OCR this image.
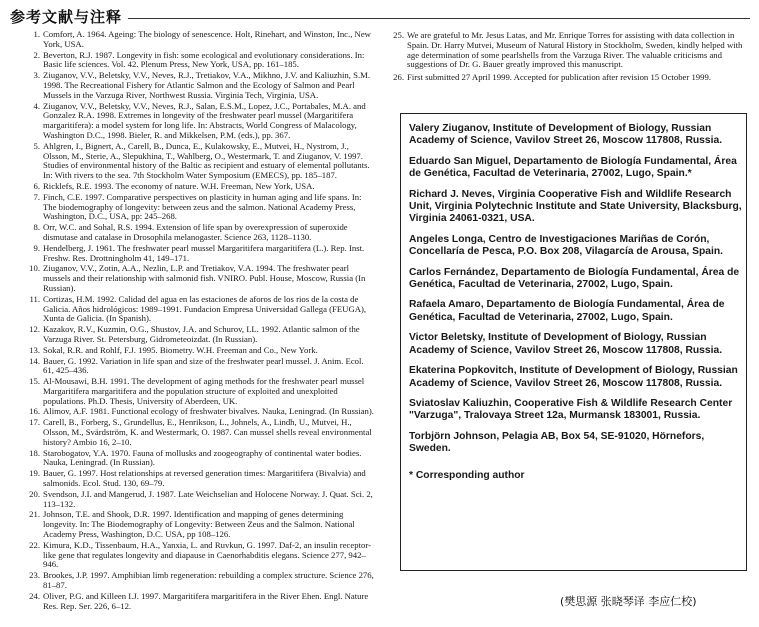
参考文献与注释
1. Comfort, A. 1964. Ageing: The biology of senescence. Holt, Rinehart, and Winston, Inc., New York, USA.
2. Beverton, R.J. 1987. Longevity in fish: some ecological and evolutionary considerations. In: Basic life sciences. Vol. 42. Plenum Press, New York, USA, pp. 161–185.
3. Ziuganov, V.V., Beletsky, V.V., Neves, R.J., Tretiakov, V.A., Mikhno, J.V. and Kaliuzhin, S.M. 1998. The Recreational Fishery for Atlantic Salmon and the Ecology of Salmon and Pearl Mussels in the Varzuga River, Northwest Russia. Virginia Tech, Virginia, USA.
4. Ziuganov, V.V., Beletsky, V.V., Neves, R.J., Salan, E.S.M., Lopez, J.C., Portabales, M.A. and Gonzalez R.A. 1998. Extremes in longevity of the freshwater pearl mussel (Margaritifera margaritifera): a model system for long life. In: Abstracts, World Congress of Malacology, Washington D.C., 1998. Bieler, R. and Mikkelsen, P.M. (eds.), pp. 367.
5. Ahlgren, I., Bignert, A., Carell, B., Dunca, E., Kulakowsky, E., Mutvei, H., Nystrom, J., Olsson, M., Sterie, A., Slepukhina, T., Wahlberg, O., Westermark, T. and Ziuganov, V. 1997. Studies of environmental history of the Baltic as recipient and estuary of elemental pollutants. In: With rivers to the sea. 7th Stockholm Water Symposium (EMECS), pp. 185–187.
6. Ricklefs, R.E. 1993. The economy of nature. W.H. Freeman, New York, USA.
7. Finch, C.E. 1997. Comparative perspectives on plasticity in human aging and life spans. In: The biodemography of longevity: between zeus and the salmon. National Academy Press, Washington, D.C., USA, pp: 245–268.
8. Orr, W.C. and Sohal, R.S. 1994. Extension of life span by overexpression of superoxide dismutase and catalase in Drosophila melanogaster. Science 263, 1128–1130.
9. Hendelberg, J. 1961. The freshwater pearl mussel Margaritifera margaritifera (L.). Rep. Inst. Freshw. Res. Drottningholm 41, 149–171.
10. Ziuganov, V.V., Zotin, A.A., Nezlin, L.P. and Tretiakov, V.A. 1994. The freshwater pearl mussels and their relationship with salmonid fish. VNIRO. Publ. House, Moscow, Russia (In Russian).
11. Cortizas, H.M. 1992. Calidad del agua en las estaciones de aforos de los rios de la costa de Galicia. Años hidrológicos: 1989–1991. Fundacion Empresa Universidad Gallega (FEUGA), Xunta de Galicia. (In Spanish).
12. Kazakov, R.V., Kuzmin, O.G., Shustov, J.A. and Schurov, I.L. 1992. Atlantic salmon of the Varzuga River. St. Petersburg, Gidrometeoizdat. (In Russian).
13. Sokal, R.R. and Rohlf, F.J. 1995. Biometry. W.H. Freeman and Co., New York.
14. Bauer, G. 1992. Variation in life span and size of the freshwater pearl mussel. J. Anim. Ecol. 61, 425–436.
15. Al-Mousawi, B.H. 1991. The development of aging methods for the freshwater pearl mussel Margaritifera margaritifera and the population structure of exploited and unexploited populations. Ph.D. Thesis, University of Aberdeen, UK.
16. Alimov, A.F. 1981. Functional ecology of freshwater bivalves. Nauka, Leningrad. (In Russian).
17. Carell, B., Forberg, S., Grundellus, E., Henrikson, L., Johnels, A., Lindh, U., Mutvei, H., Olsson, M., Svärdström, K. and Westermark, O. 1987. Can mussel shells reveal environmental history? Ambio 16, 2–10.
18. Starobogatov, Y.A. 1970. Fauna of mollusks and zoogeography of continental water bodies. Nauka, Leningrad. (In Russian).
19. Bauer, G. 1997. Host relationships at reversed generation times: Margaritifera (Bivalvia) and salmonids. Ecol. Stud. 130, 69–79.
20. Svendson, J.I. and Mangerud, J. 1987. Late Weichselian and Holocene Norway. J. Quat. Sci. 2, 113–132.
21. Johnson, T.E. and Shook, D.R. 1997. Identification and mapping of genes determining longevity. In: The Biodemography of Longevity: Between Zeus and the Salmon. National Academy Press, Washington, D.C. USA, pp 108–126.
22. Kimura, K.D., Tissenbaum, H.A., Yanxia, L. and Ruvkun, G. 1997. Daf-2, an insulin receptor-like gene that regulates longevity and diapause in Caenorhabditis elegans. Science 277, 942–946.
23. Brookes, J.P. 1997. Amphibian limb regeneration: rebuilding a complex structure. Science 276, 81–87.
24. Oliver, P.G. and Killeen I.J. 1997. Margaritifera margaritifera in the River Ehen. Engl. Nature Res. Rep. Ser. 226, 6–12.
25. We are grateful to Mr. Jesus Latas, and Mr. Enrique Torres for assisting with data collection in Spain. Dr. Harry Mutvei, Museum of Natural History in Stockholm, Sweden, kindly helped with age determination of some pearlshells from the Varzuga River. The valuable criticisms and suggestions of Dr. G. Bauer greatly improved this manuscript.
26. First submitted 27 April 1999. Accepted for publication after revision 15 October 1999.
Valery Ziuganov, Institute of Development of Biology, Russian Academy of Science, Vavilov Street 26, Moscow 117808, Russia.
Eduardo San Miguel, Departamento de Biología Fundamental, Área de Genética, Facultad de Veterinaria, 27002, Lugo, Spain.*
Richard J. Neves, Virginia Cooperative Fish and Wildlife Research Unit, Virginia Polytechnic Institute and State University, Blacksburg, Virginia 24061-0321, USA.
Angeles Longa, Centro de Investigaciones Mariñas de Corón, Concellaría de Pesca, P.O. Box 208, Vilagarcía de Arousa, Spain.
Carlos Fernández, Departamento de Biología Fundamental, Área de Genética, Facultad de Veterinaria, 27002, Lugo, Spain.
Rafaela Amaro, Departamento de Biología Fundamental, Área de Genética, Facultad de Veterinaria, 27002, Lugo, Spain.
Victor Beletsky, Institute of Development of Biology, Russian Academy of Science, Vavilov Street 26, Moscow 117808, Russia.
Ekaterina Popkovitch, Institute of Development of Biology, Russian Academy of Science, Vavilov Street 26, Moscow 117808, Russia.
Sviatoslav Kaliuzhin, Cooperative Fish & Wildlife Research Center "Varzuga", Tralovaya Street 12a, Murmansk 183001, Russia.
Torbjörn Johnson, Pelagia AB, Box 54, SE-91020, Hörnefors, Sweden.
* Corresponding author
(樊思源 张晓琴译 李应仁校)
